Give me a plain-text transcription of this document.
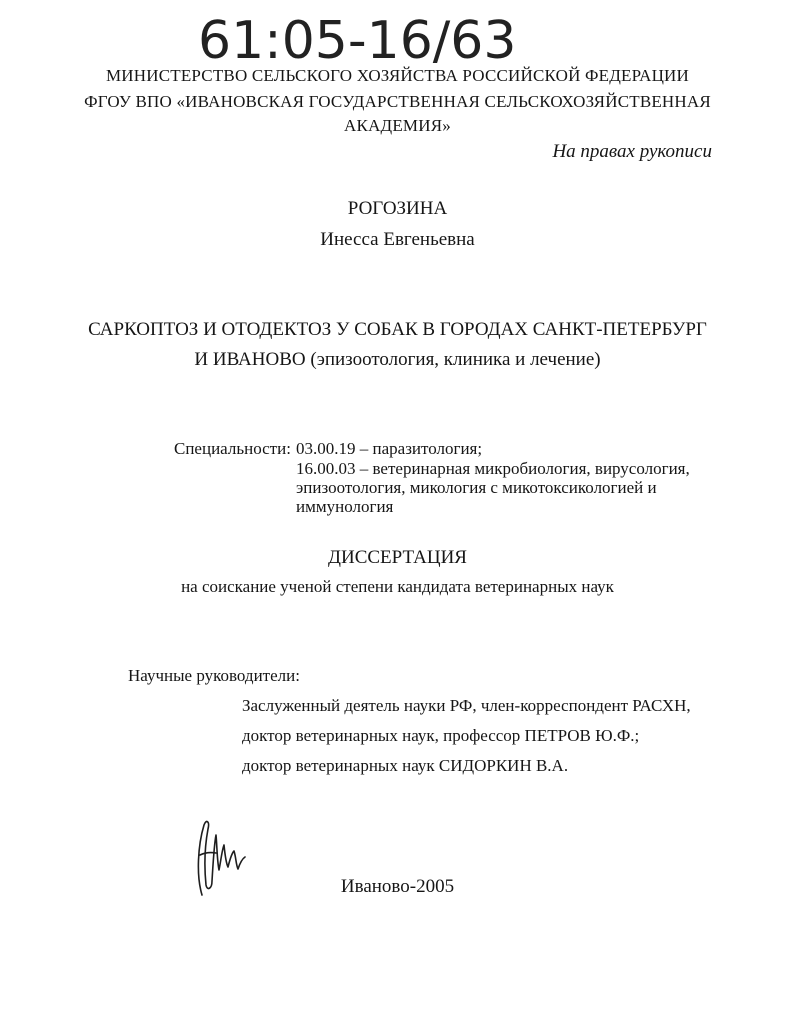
61:05-16/63
МИНИСТЕРСТВО СЕЛЬСКОГО ХОЗЯЙСТВА РОССИЙСКОЙ ФЕДЕРАЦИИ
ФГОУ ВПО «ИВАНОВСКАЯ ГОСУДАРСТВЕННАЯ СЕЛЬСКОХОЗЯЙСТВЕННАЯ
АКАДЕМИЯ»
На правах рукописи
РОГОЗИНА
Инесса Евгеньевна
САРКОПТОЗ И ОТОДЕКТОЗ У СОБАК В ГОРОДАХ САНКТ-ПЕТЕРБУРГ
И ИВАНОВО (эпизоотология, клиника и лечение)
Специальности: 03.00.19 – паразитология;
16.00.03 – ветеринарная микробиология, вирусология,
эпизоотология, микология с микотоксикологией и
иммунология
ДИССЕРТАЦИЯ
на соискание ученой степени кандидата ветеринарных наук
Научные руководители:
Заслуженный деятель науки РФ, член-корреспондент РАСХН,
доктор ветеринарных наук, профессор ПЕТРОВ Ю.Ф.;
доктор ветеринарных наук СИДОРКИН В.А.
Иваново-2005
